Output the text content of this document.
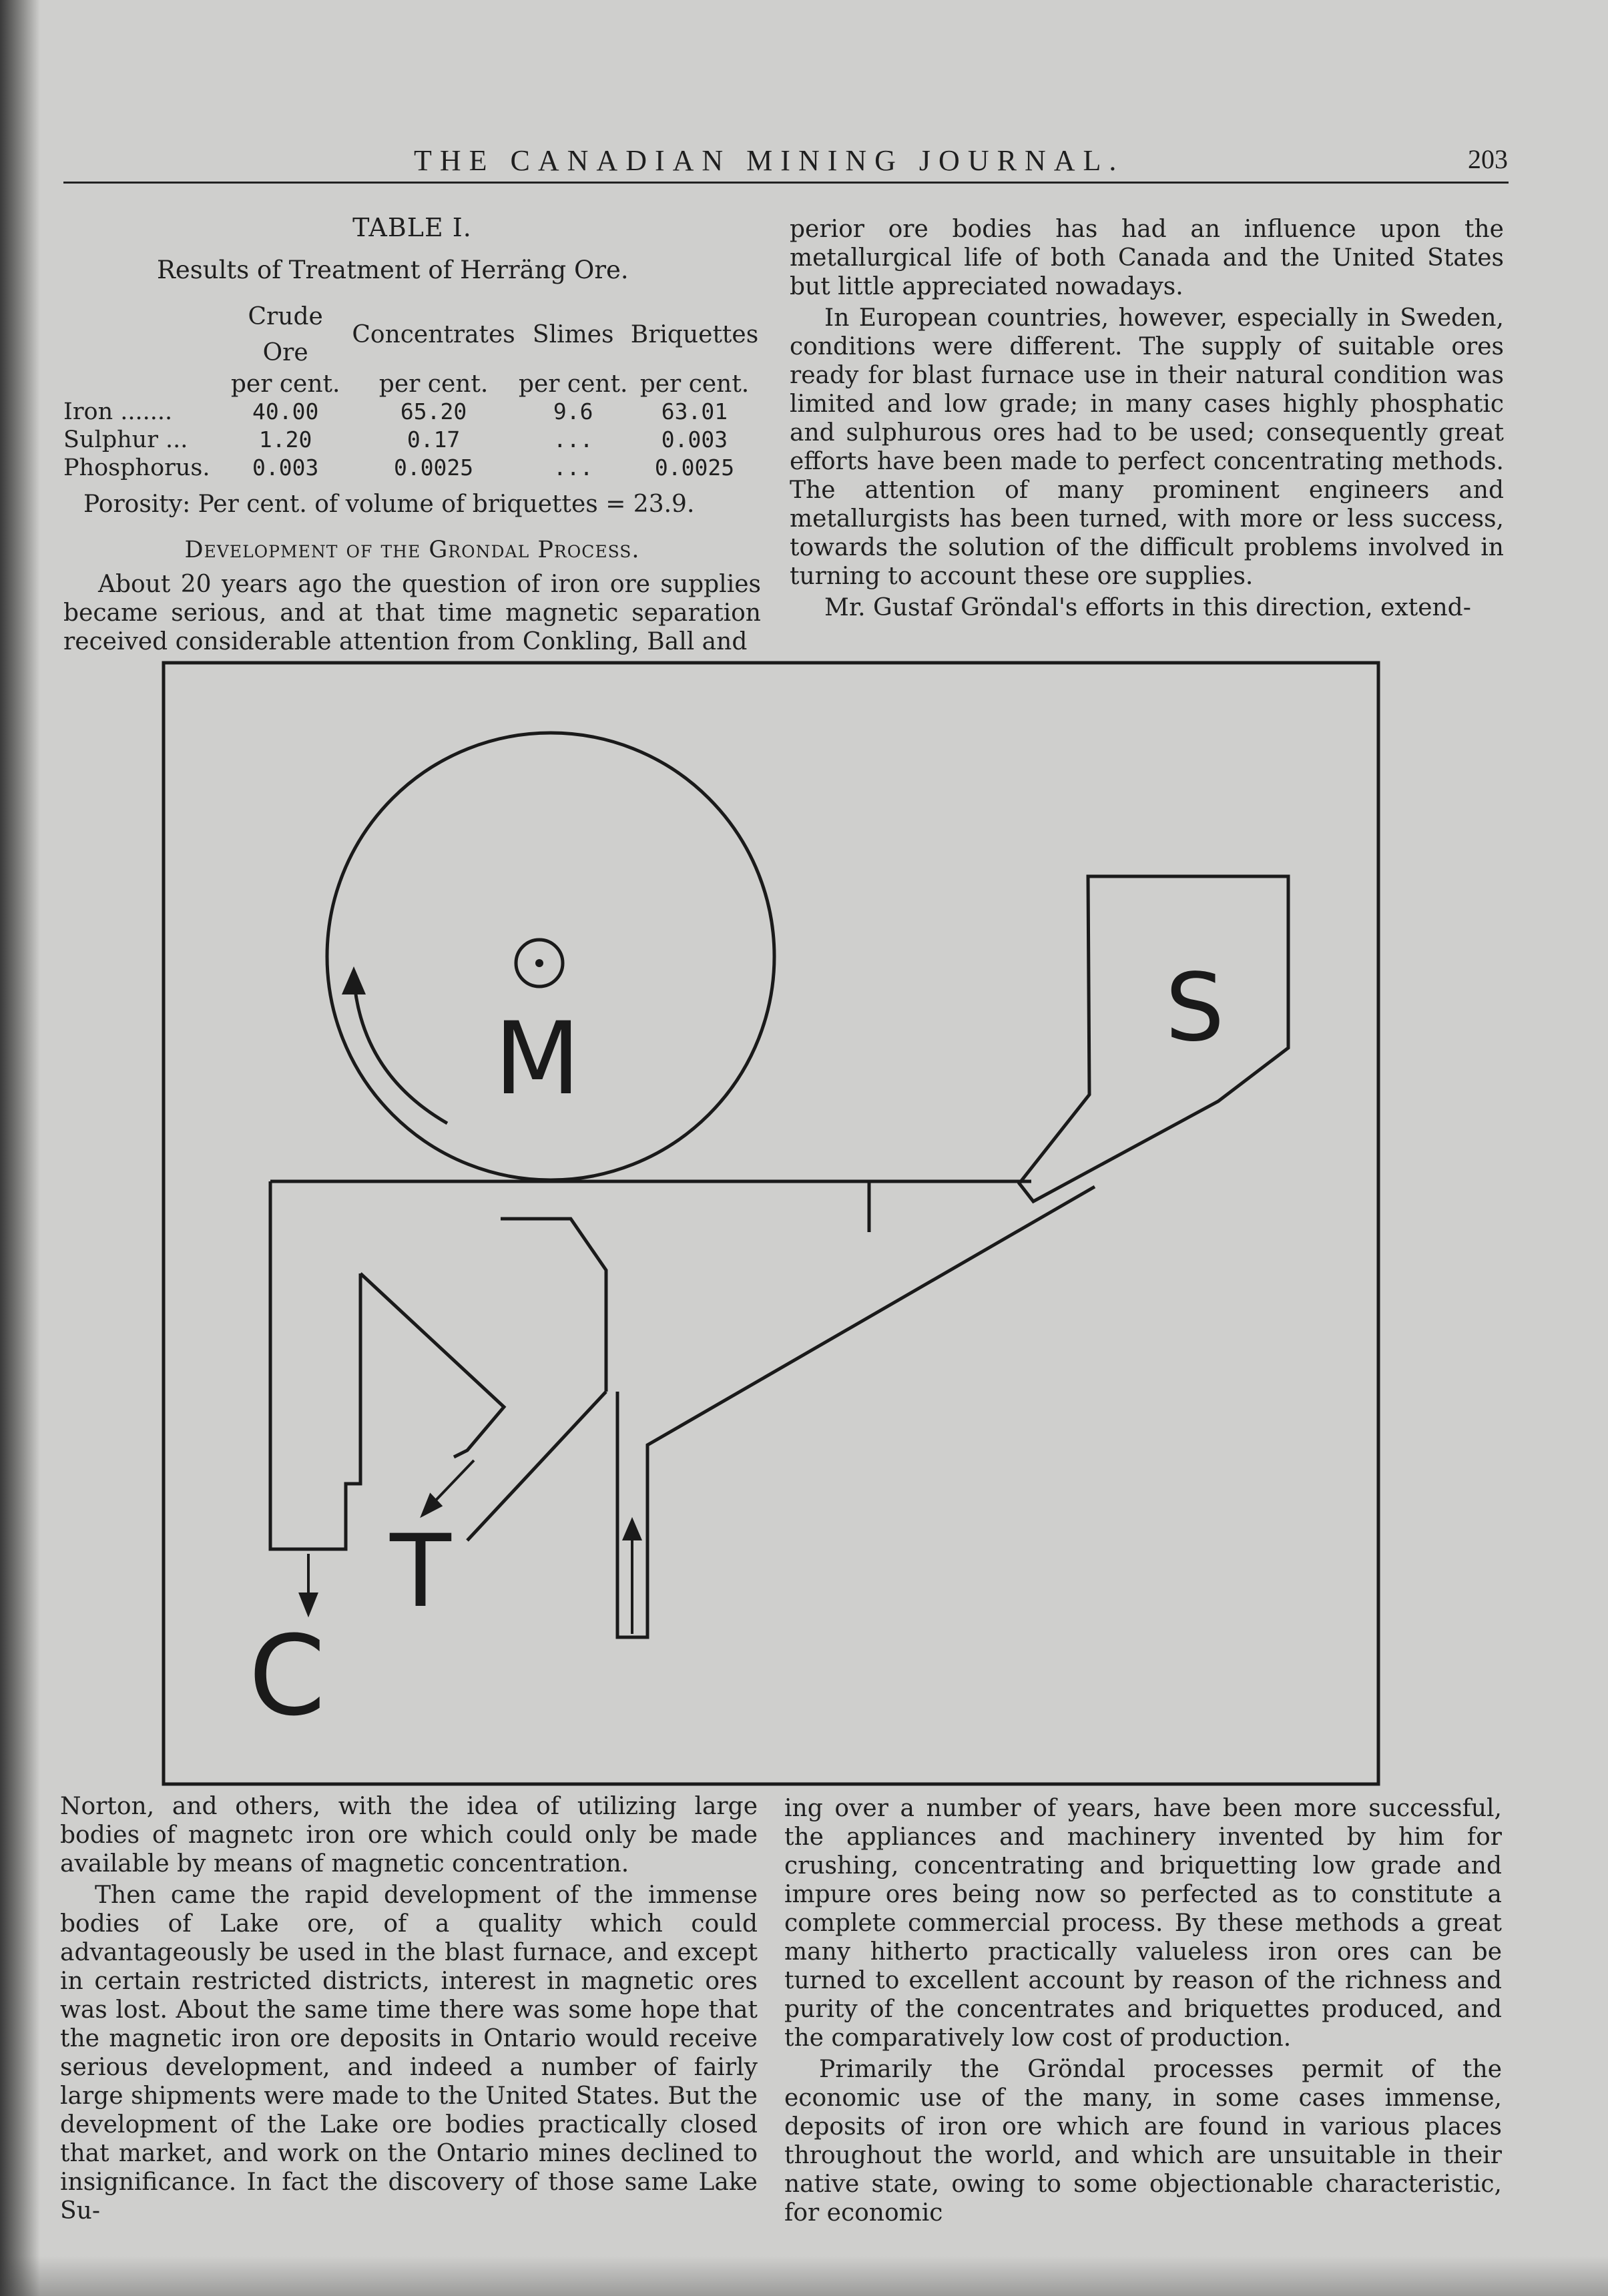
THE CANADIAN MINING JOURNAL.	203
TABLE I.
Results of Treatment of Herräng Ore.
	Crude Ore	Concentrates	Slimes	Briquettes
	per cent.	per cent.	per cent.	per cent.
Iron .......	40.00	65.20	9.6	63.01
Sulphur ...	1.20	0.17	...	0.003
Phosphorus.	0.003	0.0025	...	0.0025
Porosity: Per cent. of volume of briquettes = 23.9.
Development of the Grondal Process.

About 20 years ago the question of iron ore supplies became serious, and at that time magnetic separation received considerable attention from Conkling, Ball and

perior ore bodies has had an influence upon the metallurgical life of both Canada and the United States but little appreciated nowadays.

In European countries, however, especially in Sweden, conditions were different. The supply of suitable ores ready for blast furnace use in their natural condition was limited and low grade; in many cases highly phosphatic and sulphurous ores had to be used; consequently great efforts have been made to perfect concentrating methods. The attention of many prominent engineers and metallurgists has been turned, with more or less success, towards the solution of the difficult problems involved in turning to account these ore supplies.

Mr. Gustaf Gröndal's efforts in this direction, extend-

M	S
T
C

Norton, and others, with the idea of utilizing large bodies of magnetc iron ore which could only be made available by means of magnetic concentration.

Then came the rapid development of the immense bodies of Lake ore, of a quality which could advantageously be used in the blast furnace, and except in certain restricted districts, interest in magnetic ores was lost. About the same time there was some hope that the magnetic iron ore deposits in Ontario would receive serious development, and indeed a number of fairly large shipments were made to the United States. But the development of the Lake ore bodies practically closed that market, and work on the Ontario mines declined to insignificance. In fact the discovery of those same Lake Su-

ing over a number of years, have been more successful, the appliances and machinery invented by him for crushing, concentrating and briquetting low grade and impure ores being now so perfected as to constitute a complete commercial process. By these methods a great many hitherto practically valueless iron ores can be turned to excellent account by reason of the richness and purity of the concentrates and briquettes produced, and the comparatively low cost of production.

Primarily the Gröndal processes permit of the economic use of the many, in some cases immense, deposits of iron ore which are found in various places throughout the world, and which are unsuitable in their native state, owing to some objectionable characteristic, for economic
